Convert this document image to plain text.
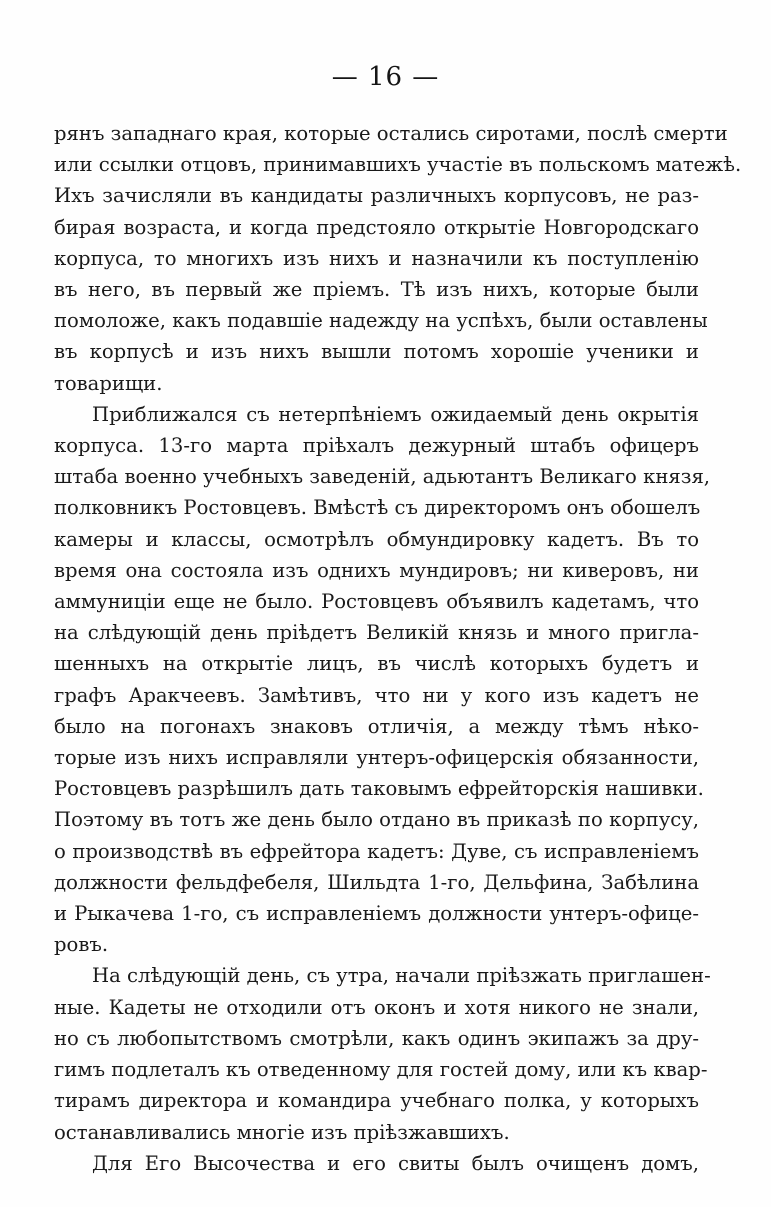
— 16 —
рянъ западнаго края, которые остались сиротами, послѣ смерти
или ссылки отцовъ, принимавшихъ участіе въ польскомъ матежѣ.
Ихъ зачисляли въ кандидаты различныхъ корпусовъ, не раз-
бирая возраста, и когда предстояло открытіе Новгородскаго
корпуса, то многихъ изъ нихъ и назначили къ поступленію
въ него, въ первый же пріемъ. Тѣ изъ нихъ, которые были
помоложе, какъ подавшіе надежду на успѣхъ, были оставлены
въ корпусѣ и изъ нихъ вышли потомъ хорошіе ученики и
товарищи.
Приближался съ нетерпѣніемъ ожидаемый день окрытія
корпуса. 13-го марта пріѣхалъ дежурный штабъ офицеръ
штаба военно учебныхъ заведеній, адьютантъ Великаго князя,
полковникъ Ростовцевъ. Вмѣстѣ съ директоромъ онъ обошелъ
камеры и классы, осмотрѣлъ обмундировку кадетъ. Въ то
время она состояла изъ однихъ мундировъ; ни киверовъ, ни
аммуниціи еще не было. Ростовцевъ объявилъ кадетамъ, что
на слѣдующій день пріѣдетъ Великій князь и много пригла-
шенныхъ на открытіе лицъ, въ числѣ которыхъ будетъ и
графъ Аракчеевъ. Замѣтивъ, что ни у кого изъ кадетъ не
было на погонахъ знаковъ отличія, а между тѣмъ нѣко-
торые изъ нихъ исправляли унтеръ-офицерскія обязанности,
Ростовцевъ разрѣшилъ дать таковымъ ефрейторскія нашивки.
Поэтому въ тотъ же день было отдано въ приказѣ по корпусу,
о производствѣ въ ефрейтора кадетъ: Дуве, съ исправленіемъ
должности фельдфебеля, Шильдта 1-го, Дельфина, Забѣлина
и Рыкачева 1-го, съ исправленіемъ должности унтеръ-офице-
ровъ.
На слѣдующій день, съ утра, начали пріѣзжать приглашен-
ные. Кадеты не отходили отъ оконъ и хотя никого не знали,
но съ любопытствомъ смотрѣли, какъ одинъ экипажъ за дру-
гимъ подлеталъ къ отведенному для гостей дому, или къ квар-
тирамъ директора и командира учебнаго полка, у которыхъ
останавливались многіе изъ пріѣзжавшихъ.
Для Его Высочества и его свиты былъ очищенъ домъ,
